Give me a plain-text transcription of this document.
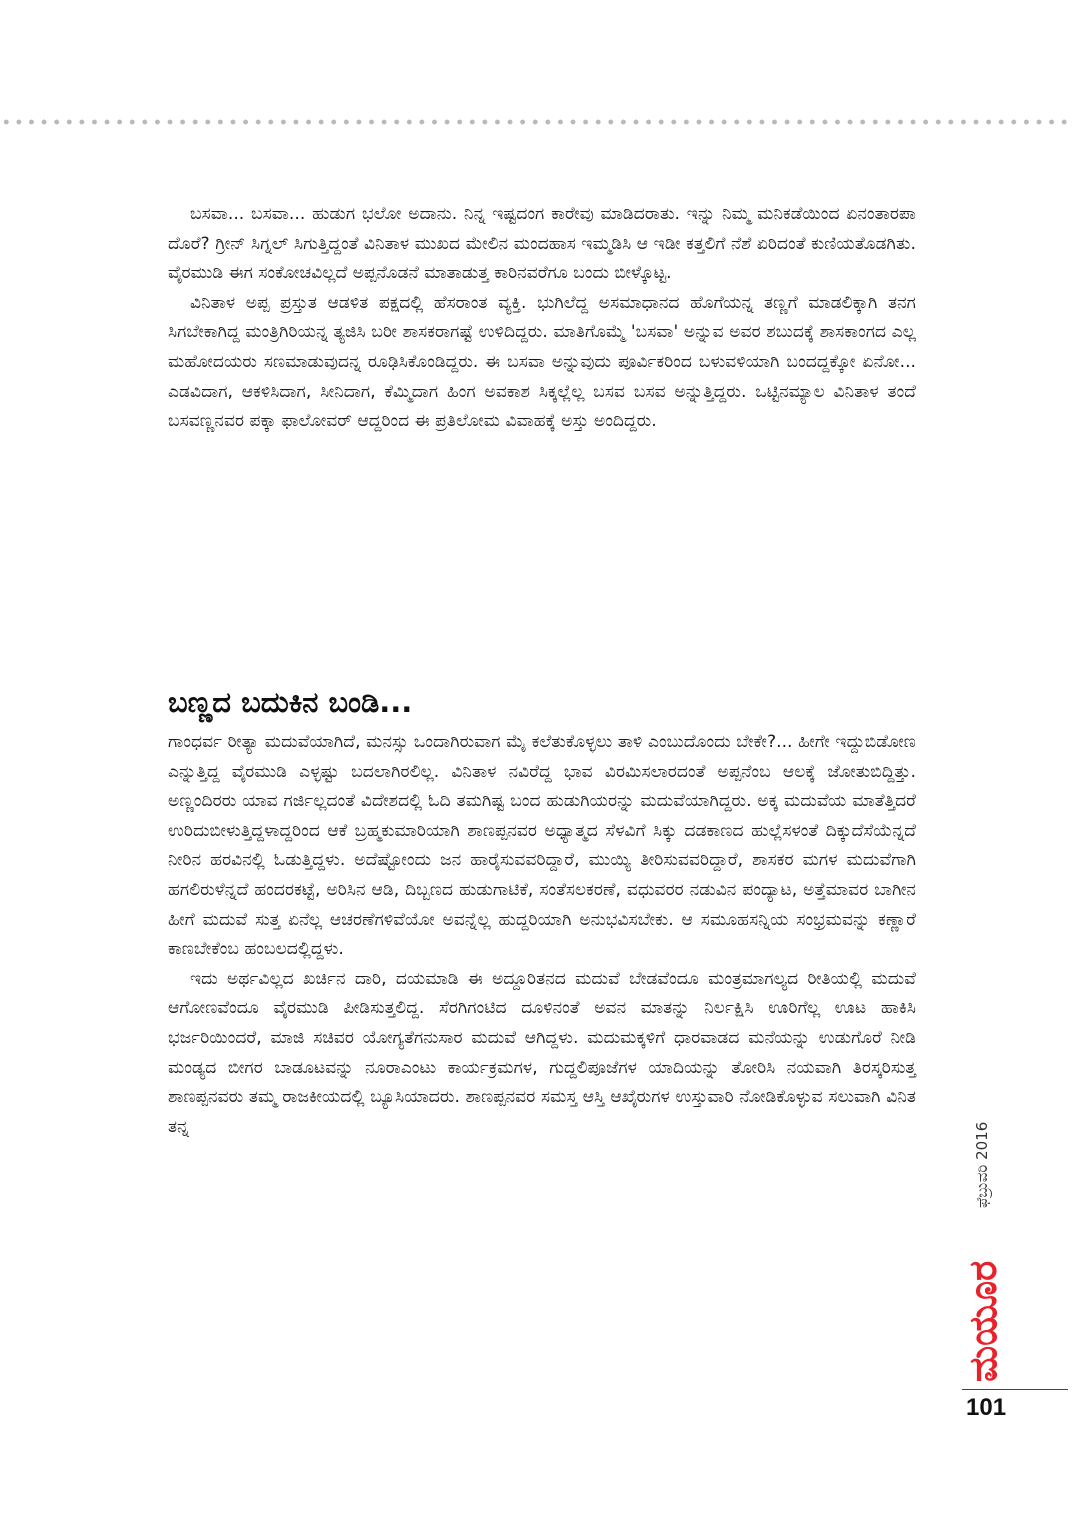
ಬಸವಾ... ಬಸವಾ... ಹುಡುಗ ಭಲೋ ಅದಾನು. ನಿನ್ನ ಇಷ್ಟದಂಗ ಕಾರೇವು ಮಾಡಿದರಾತು. ಇನ್ನು ನಿಮ್ಮ ಮನಿಕಡೆಯಿಂದ ಏನಂತಾರಪಾ ದೊರೆ? ಗ್ರೀನ್ ಸಿಗ್ನಲ್ ಸಿಗುತ್ತಿದ್ದಂತೆ ವಿನಿತಾಳ ಮುಖದ ಮೇಲಿನ ಮಂದಹಾಸ ಇಮ್ಮಡಿಸಿ ಆ ಇಡೀ ಕತ್ತಲಿಗೆ ನೆಶೆ ಏರಿದಂತೆ ಕುಣಿಯತೊಡಗಿತು. ವೈರಮುಡಿ ಈಗ ಸಂಕೋಚವಿಲ್ಲದೆ ಅಪ್ಪನೊಡನೆ ಮಾತಾಡುತ್ತ ಕಾರಿನವರೆಗೂ ಬಂದು ಬೀಳ್ಕೊಟ್ಟ.

ವಿನಿತಾಳ ಅಪ್ಪ ಪ್ರಸ್ತುತ ಆಡಳಿತ ಪಕ್ಷದಲ್ಲಿ ಹೆಸರಾಂತ ವ್ಯಕ್ತಿ. ಭುಗಿಲೆದ್ದ ಅಸಮಾಧಾನದ ಹೊಗೆಯನ್ನ ತಣ್ಣಗೆ ಮಾಡಲಿಕ್ಕಾಗಿ ತನಗ ಸಿಗಬೇಕಾಗಿದ್ದ ಮಂತ್ರಿಗಿರಿಯನ್ನ ತ್ಯಜಿಸಿ ಬರೀ ಶಾಸಕರಾಗಷ್ಟೆ ಉಳಿದಿದ್ದರು. ಮಾತಿಗೊಮ್ಮೆ 'ಬಸವಾ' ಅನ್ನುವ ಅವರ ಶಬುದಕ್ಕೆ ಶಾಸಕಾಂಗದ ಎಲ್ಲ ಮಹೋದಯರು ಸಣಮಾಡುವುದನ್ನ ರೂಢಿಸಿಕೊಂಡಿದ್ದರು. ಈ ಬಸವಾ ಅನ್ನುವುದು ಪೂರ್ವಿಕರಿಂದ ಬಳುವಳಿಯಾಗಿ ಬಂದದ್ದಕ್ಕೋ ಏನೋ... ಎಡವಿದಾಗ, ಆಕಳಿಸಿದಾಗ, ಸೀನಿದಾಗ, ಕೆಮ್ಮಿದಾಗ ಹಿಂಗ ಅವಕಾಶ ಸಿಕ್ಕಲ್ಲೆಲ್ಲ ಬಸವ ಬಸವ ಅನ್ನುತ್ತಿದ್ದರು. ಒಟ್ಟಿನಮ್ಯಾಲ ವಿನಿತಾಳ ತಂದೆ ಬಸವಣ್ಣನವರ ಪಕ್ಕಾ ಫಾಲೋವರ್ ಆದ್ದರಿಂದ ಈ ಪ್ರತಿಲೋಮ ವಿವಾಹಕ್ಕೆ ಅಸ್ತು ಅಂದಿದ್ದರು.

ಬಣ್ಣದ ಬದುಕಿನ ಬಂಡಿ...

ಗಾಂಧರ್ವ ರೀತ್ಯಾ ಮದುವೆಯಾಗಿದೆ, ಮನಸ್ಸು ಒಂದಾಗಿರುವಾಗ ಮೈ ಕಲೆತುಕೊಳ್ಳಲು ತಾಳಿ ಎಂಬುದೊಂದು ಬೇಕೇ?... ಹೀಗೇ ಇದ್ದುಬಿಡೋಣ ಎನ್ನುತ್ತಿದ್ದ ವೈರಮುಡಿ ಎಳ್ಳಷ್ಟು ಬದಲಾಗಿರಲಿಲ್ಲ. ವಿನಿತಾಳ ನವಿರೆದ್ದ ಭಾವ ವಿರಮಿಸಲಾರದಂತೆ ಅಪ್ಪನೆಂಬ ಆಲಕ್ಕೆ ಜೋತುಬಿದ್ದಿತ್ತು. ಅಣ್ಣಂದಿರರು ಯಾವ ಗರ್ಜಿಲ್ಲದಂತೆ ವಿದೇಶದಲ್ಲಿ ಓದಿ ತಮಗಿಷ್ಟ ಬಂದ ಹುಡುಗಿಯರನ್ನು ಮದುವೆಯಾಗಿದ್ದರು. ಅಕ್ಕ ಮದುವೆಯ ಮಾತೆತ್ತಿದರೆ ಉರಿದುಬೀಳುತ್ತಿದ್ದಳಾದ್ದರಿಂದ ಆಕೆ ಬ್ರಹ್ಮಕುಮಾರಿಯಾಗಿ ಶಾಣಪ್ಪನವರ ಅಧ್ಯಾತ್ಮದ ಸೆಳವಿಗೆ ಸಿಕ್ಕು ದಡಕಾಣದ ಹುಲ್ಲೆಸಳಂತೆ ದಿಕ್ಕುದೆಸೆಯೆನ್ನದೆ ನೀರಿನ ಹರವಿನಲ್ಲಿ ಓಡುತ್ತಿದ್ದಳು. ಅದೆಷ್ಟೋಂದು ಜನ ಹಾರೈಸುವವರಿದ್ದಾರೆ, ಮುಯ್ಯಿ ತೀರಿಸುವವರಿದ್ದಾರೆ, ಶಾಸಕರ ಮಗಳ ಮದುವೆಗಾಗಿ ಹಗಲಿರುಳೆನ್ನದೆ ಹಂದರಕಟ್ಟೆ, ಅರಿಸಿನ ಆಡಿ, ದಿಬ್ಬಣದ ಹುಡುಗಾಟಿಕೆ, ಸಂತೆಸಲಕರಣೆ, ವಧುವರರ ನಡುವಿನ ಪಂದ್ಯಾಟ, ಅತ್ತೆಮಾವರ ಬಾಗೀನ ಹೀಗೆ ಮದುವೆ ಸುತ್ತ ಏನೆಲ್ಲ ಆಚರಣೆಗಳಿವೆಯೋ ಅವನ್ನೆಲ್ಲ ಹುದ್ದರಿಯಾಗಿ ಅನುಭವಿಸಬೇಕು. ಆ ಸಮೂಹಸನ್ನಿಯ ಸಂಭ್ರಮವನ್ನು ಕಣ್ಣಾರೆ ಕಾಣಬೇಕೆಂಬ ಹಂಬಲದಲ್ಲಿದ್ದಳು.

ಇದು ಅರ್ಥವಿಲ್ಲದ ಖರ್ಚಿನ ದಾರಿ, ದಯಮಾಡಿ ಈ ಅದ್ದೂರಿತನದ ಮದುವೆ ಬೇಡವೆಂದೂ ಮಂತ್ರಮಾಗಲ್ಯದ ರೀತಿಯಲ್ಲಿ ಮದುವೆ ಆಗೋಣವೆಂದೂ ವೈರಮುಡಿ ಪೀಡಿಸುತ್ತಲಿದ್ದ. ಸೆರಗಿಗಂಟಿದ ದೂಳಿನಂತೆ ಅವನ ಮಾತನ್ನು ನಿರ್ಲಕ್ಷಿಸಿ ಊರಿಗೆಲ್ಲ ಊಟ ಹಾಕಿಸಿ ಭರ್ಜರಿಯಿಂದರೆ, ಮಾಜಿ ಸಚಿವರ ಯೋಗ್ಯತೆಗನುಸಾರ ಮದುವೆ ಆಗಿದ್ದಳು. ಮದುಮಕ್ಕಳಿಗೆ ಧಾರವಾಡದ ಮನೆಯನ್ನು ಉಡುಗೊರೆ ನೀಡಿ ಮಂಡ್ಯದ ಬೀಗರ ಬಾಡೂಟವನ್ನು ನೂರಾಎಂಟು ಕಾರ್ಯಕ್ರಮಗಳ, ಗುದ್ದಲಿಪೂಜೆಗಳ ಯಾದಿಯನ್ನು ತೋರಿಸಿ ನಯವಾಗಿ ತಿರಸ್ಕರಿಸುತ್ತ ಶಾಣಪ್ಪನವರು ತಮ್ಮ ರಾಜಕೀಯದಲ್ಲಿ ಬ್ಯೂಸಿಯಾದರು. ಶಾಣಪ್ಪನವರ ಸಮಸ್ತ ಆಸ್ತಿ ಆಖೈರುಗಳ ಉಸ್ತುವಾರಿ ನೋಡಿಕೊಳ್ಳುವ ಸಲುವಾಗಿ ವಿನಿತ ತನ್ನ	ಫೆಬ್ರುವರಿ 2016
ಮಯೂರ
101
